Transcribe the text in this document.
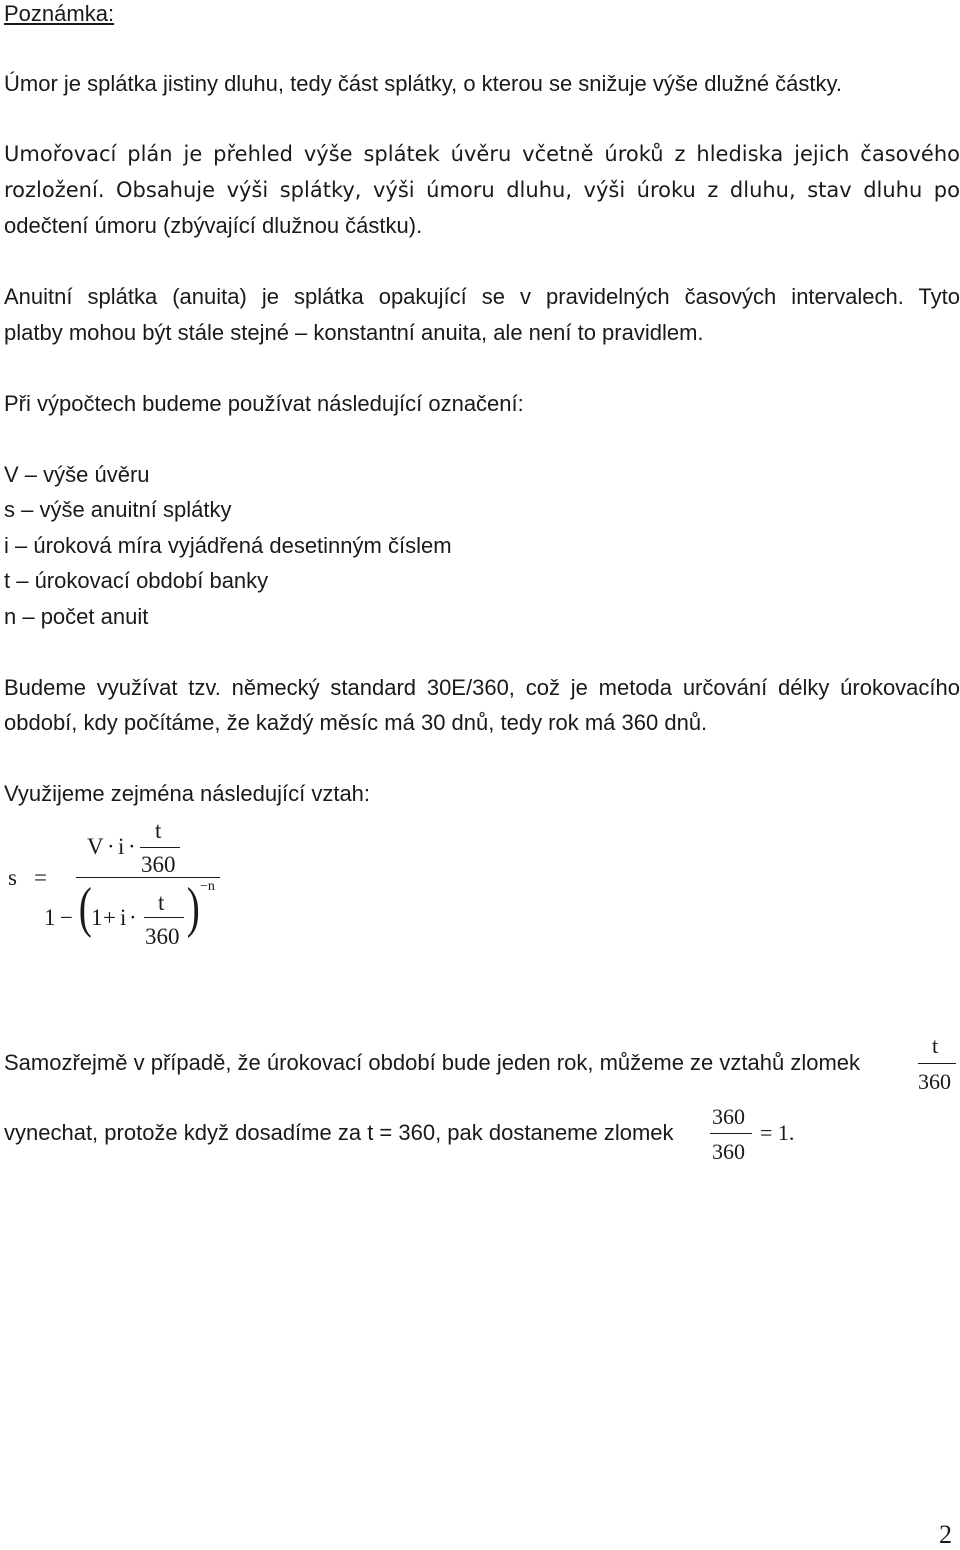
Poznámka:
Úmor je splátka jistiny dluhu, tedy část splátky, o kterou se snižuje výše dlužné částky.
Umořovací plán je přehled výše splátek úvěru včetně úroků z hlediska jejich časového
rozložení. Obsahuje výši splátky, výši úmoru dluhu, výši úroku z dluhu, stav dluhu po
odečtení úmoru (zbývající dlužnou částku).
Anuitní splátka (anuita) je splátka opakující se v pravidelných časových intervalech. Tyto
platby mohou být stále stejné – konstantní anuita, ale není to pravidlem.
Při výpočtech budeme používat následující označení:
V – výše úvěru
s – výše anuitní splátky
i – úroková míra vyjádřená desetinným číslem
t – úrokovací období banky
n – počet anuit
Budeme využívat tzv. německý standard 30E/360, což je metoda určování délky úrokovacího
období, kdy počítáme, že každý měsíc má 30 dnů, tedy rok má 360 dnů.
Využijeme zejména následující vztah:
s =
V · i ·
t
360
1 − ( 1 + i ·
t
360 ) −n
Samozřejmě v případě, že úrokovací období bude jeden rok, můžeme ze vztahů zlomek
t
360
vynechat, protože když dosadíme za t = 360, pak dostaneme zlomek
360
360
= 1.
2
